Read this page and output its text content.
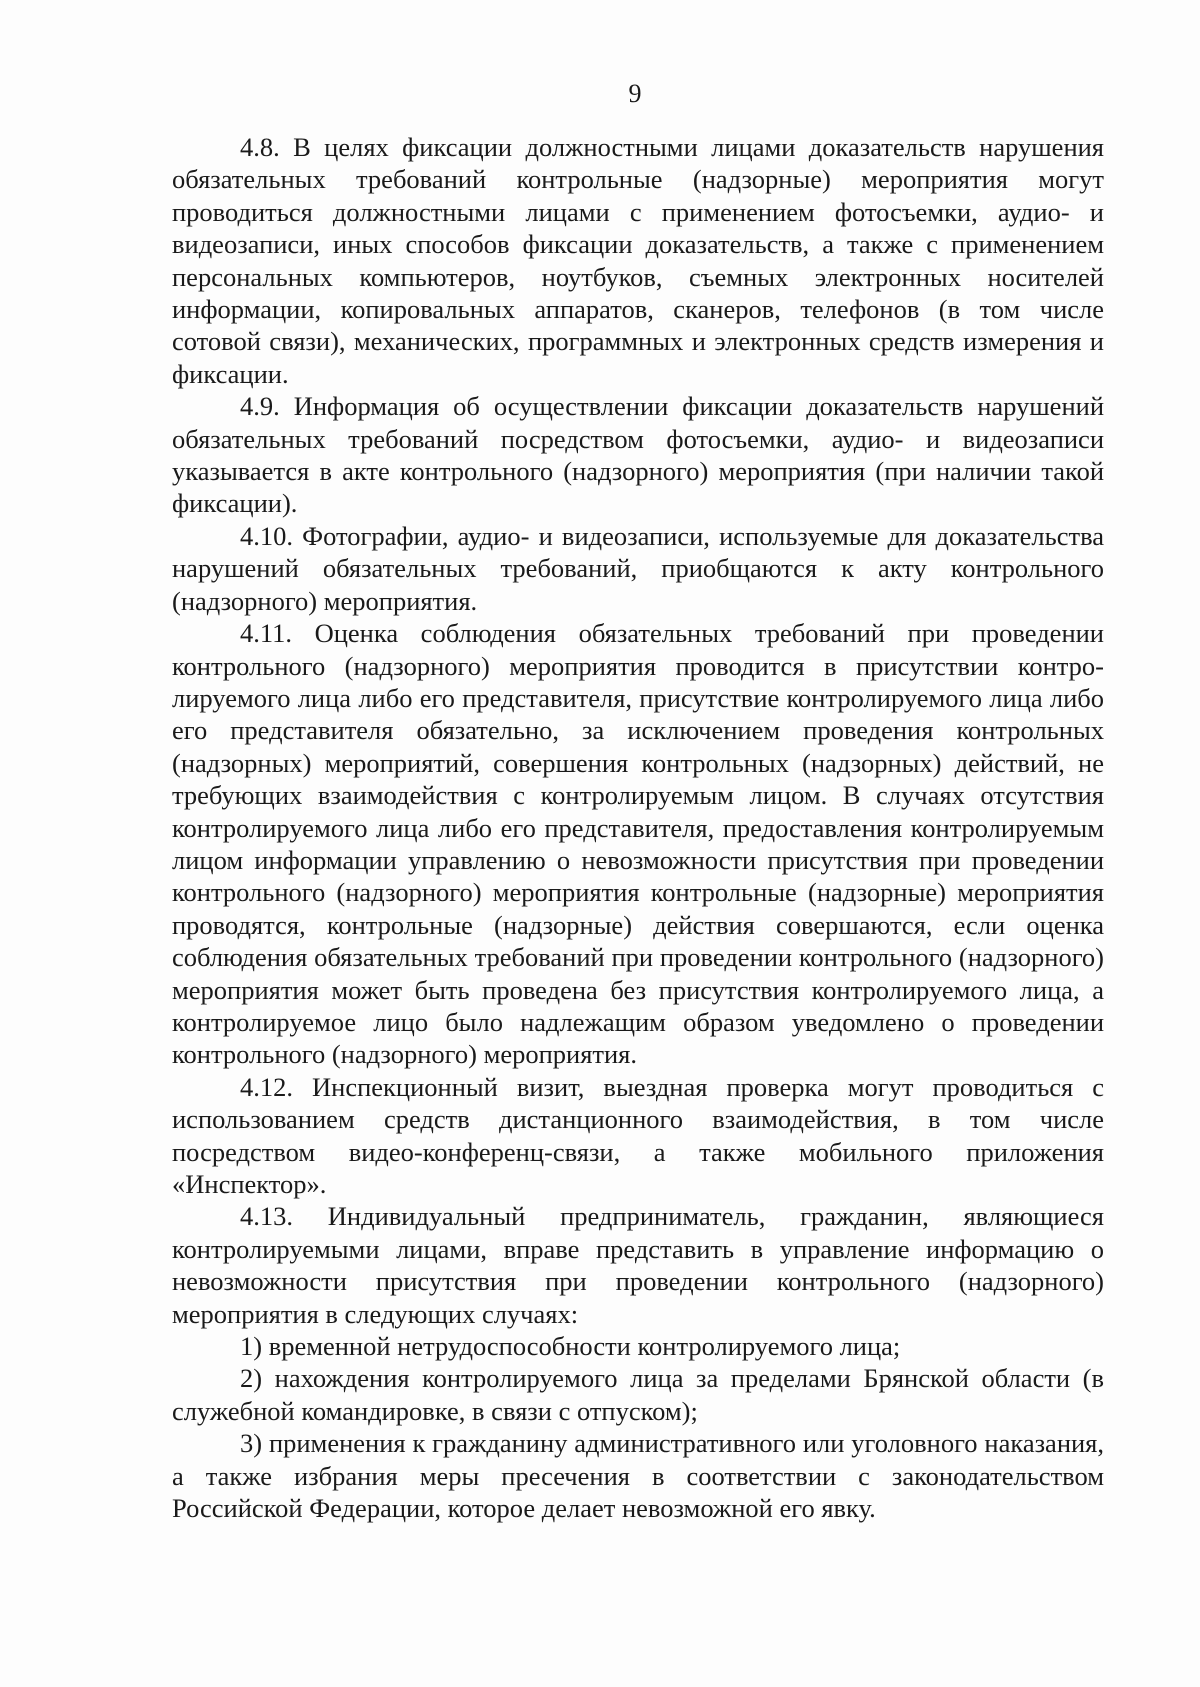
9

4.8. В целях фиксации должностными лицами доказательств нарушения обязательных требований контрольные (надзорные) мероприятия могут проводиться должностными лицами с применением фотосъемки, аудио- и видеозаписи, иных способов фиксации доказательств, а также с применением персональных компьютеров, ноутбуков, съемных электронных носителей информации, копировальных аппаратов, сканеров, телефонов (в том числе сотовой связи), механических, программных и электронных средств измерения и фиксации.

4.9. Информация об осуществлении фиксации доказательств нарушений обязательных требований посредством фотосъемки, аудио- и видеозаписи указывается в акте контрольного (надзорного) мероприятия (при наличии такой фиксации).

4.10. Фотографии, аудио- и видеозаписи, используемые для доказательства нарушений обязательных требований, приобщаются к акту контрольного (надзорного) мероприятия.

4.11. Оценка соблюдения обязательных требований при проведении контрольного (надзорного) мероприятия проводится в присутствии контролируемого лица либо его представителя, присутствие контролируемого лица либо его представителя обязательно, за исключением проведения контрольных (надзорных) мероприятий, совершения контрольных (надзорных) действий, не требующих взаимодействия с контролируемым лицом. В случаях отсутствия контролируемого лица либо его представителя, предоставления контролируемым лицом информации управлению о невозможности присутствия при проведении контрольного (надзорного) мероприятия контрольные (надзорные) мероприятия проводятся, контрольные (надзорные) действия совершаются, если оценка соблюдения обязательных требований при проведении контрольного (надзорного) мероприятия может быть проведена без присутствия контролируемого лица, а контролируемое лицо было надлежащим образом уведомлено о проведении контрольного (надзорного) мероприятия.

4.12. Инспекционный визит, выездная проверка могут проводиться с использованием средств дистанционного взаимодействия, в том числе посредством видео-конференц-связи, а также мобильного приложения «Инспектор».

4.13. Индивидуальный предприниматель, гражданин, являющиеся контролируемыми лицами, вправе представить в управление информацию о невозможности присутствия при проведении контрольного (надзорного) мероприятия в следующих случаях:

1) временной нетрудоспособности контролируемого лица;

2) нахождения контролируемого лица за пределами Брянской области (в служебной командировке, в связи с отпуском);

3) применения к гражданину административного или уголовного наказания, а также избрания меры пресечения в соответствии с законодательством Российской Федерации, которое делает невозможной его явку.
